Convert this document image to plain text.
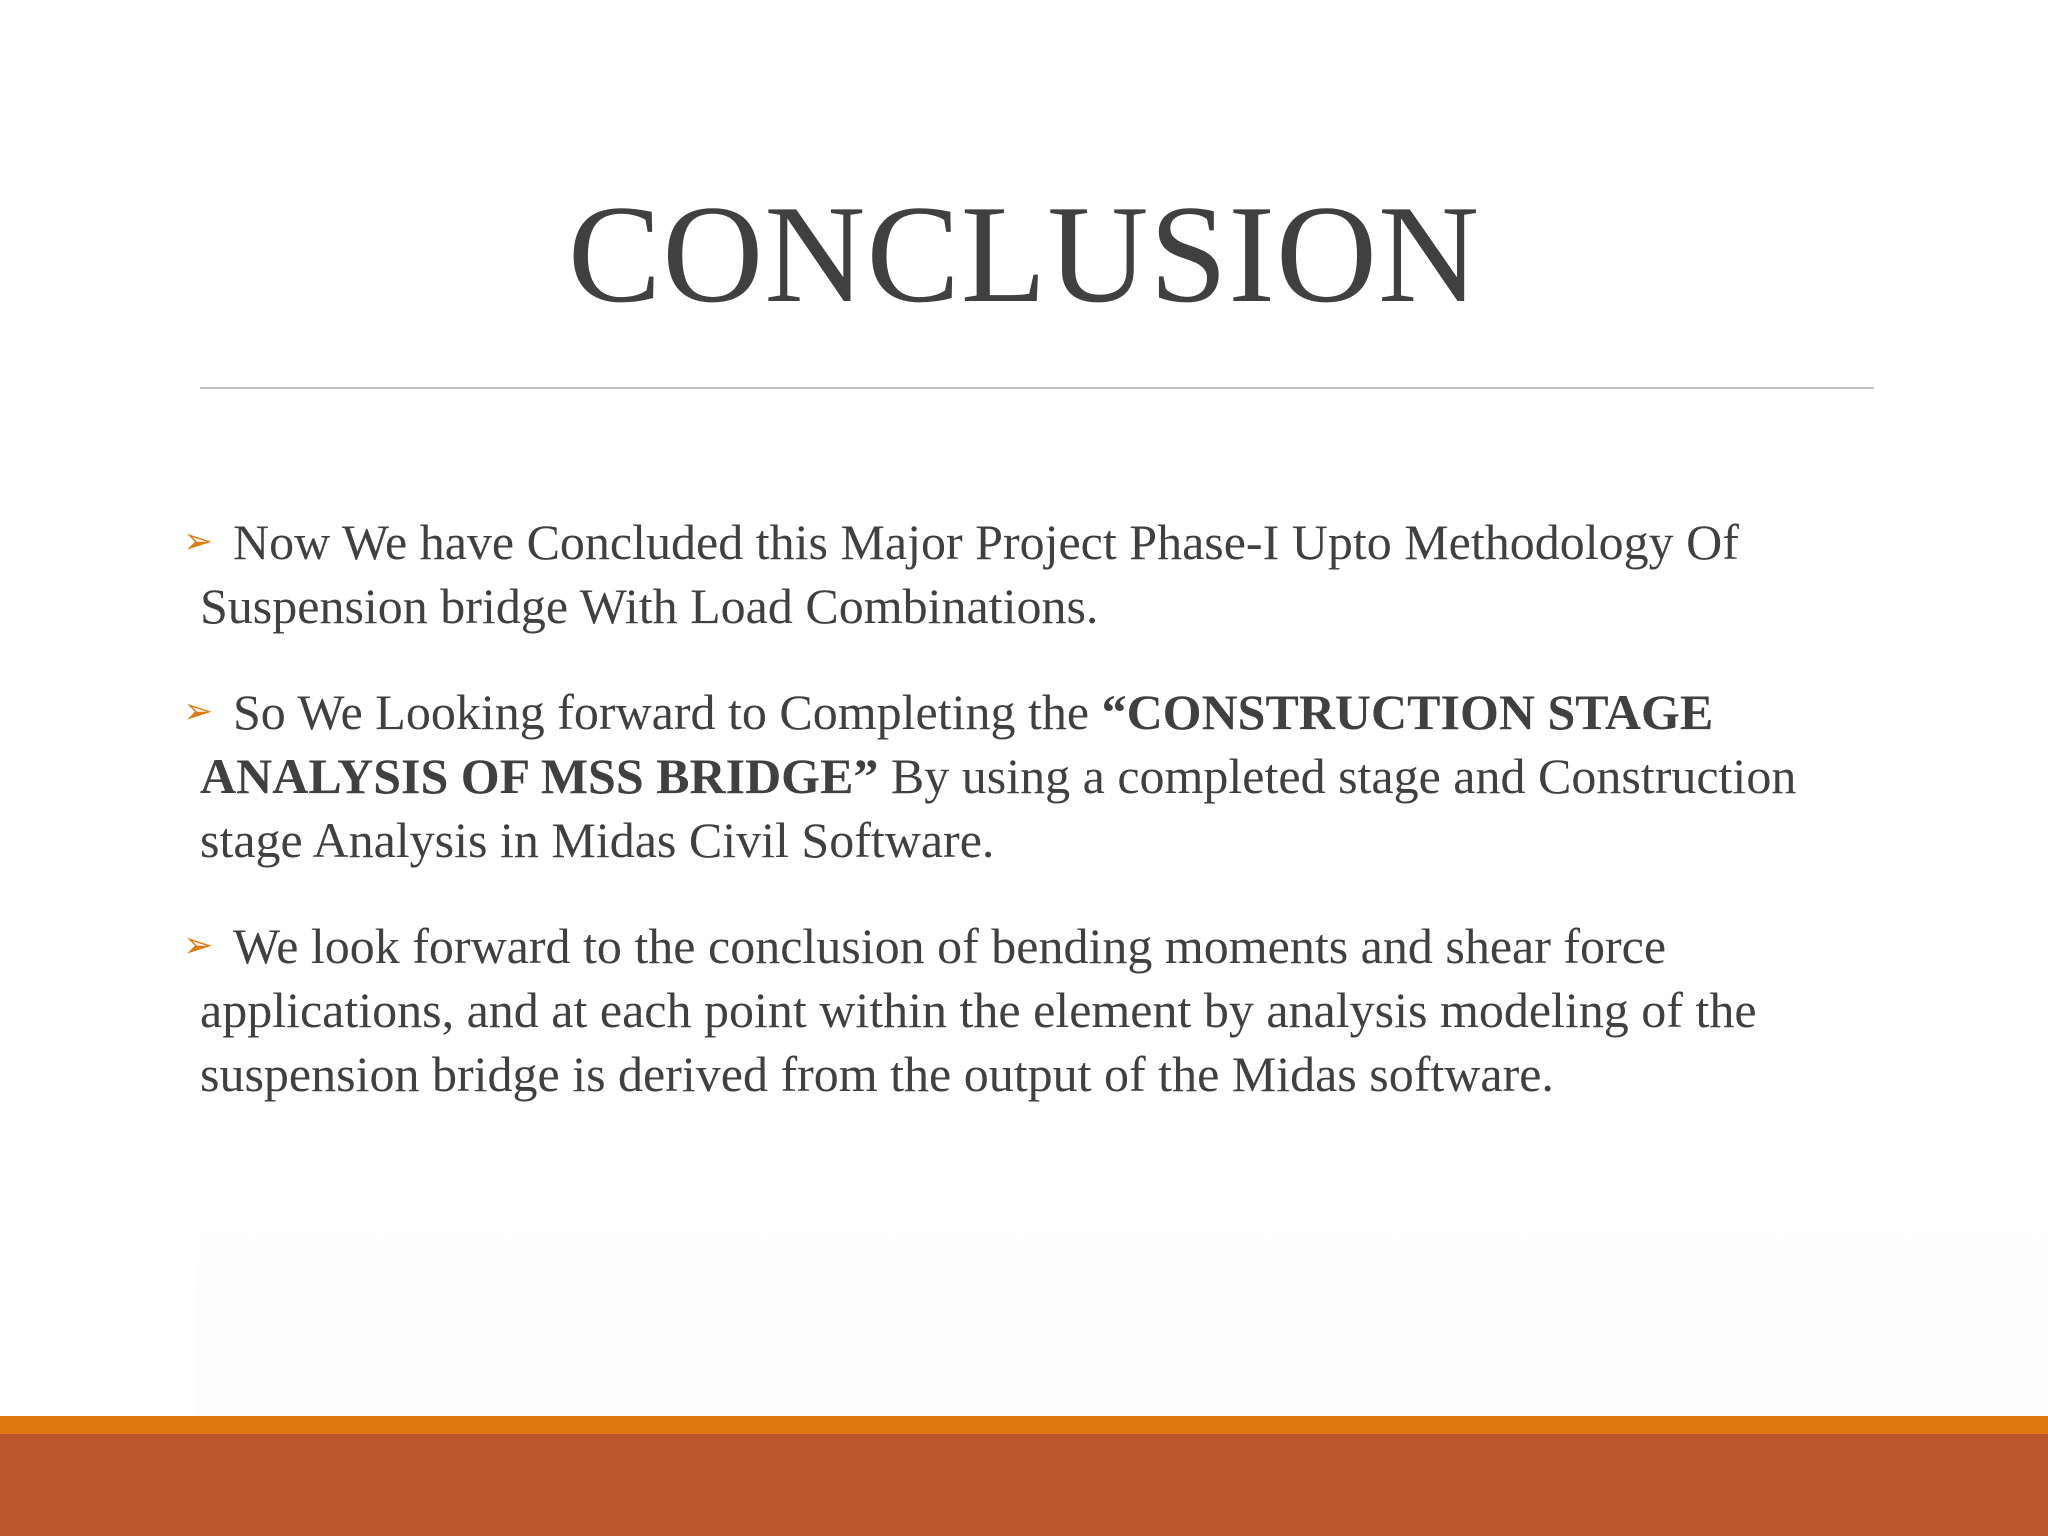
CONCLUSION
➢ Now We have Concluded this Major Project Phase-I Upto Methodology Of Suspension bridge With Load Combinations.
➢ So We Looking forward to Completing the “CONSTRUCTION STAGE ANALYSIS OF MSS BRIDGE” By using a completed stage and Construction stage Analysis in Midas Civil Software.
➢ We look forward to the conclusion of bending moments and shear force applications, and at each point within the element by analysis modeling of the suspension bridge is derived from the output of the Midas software.
